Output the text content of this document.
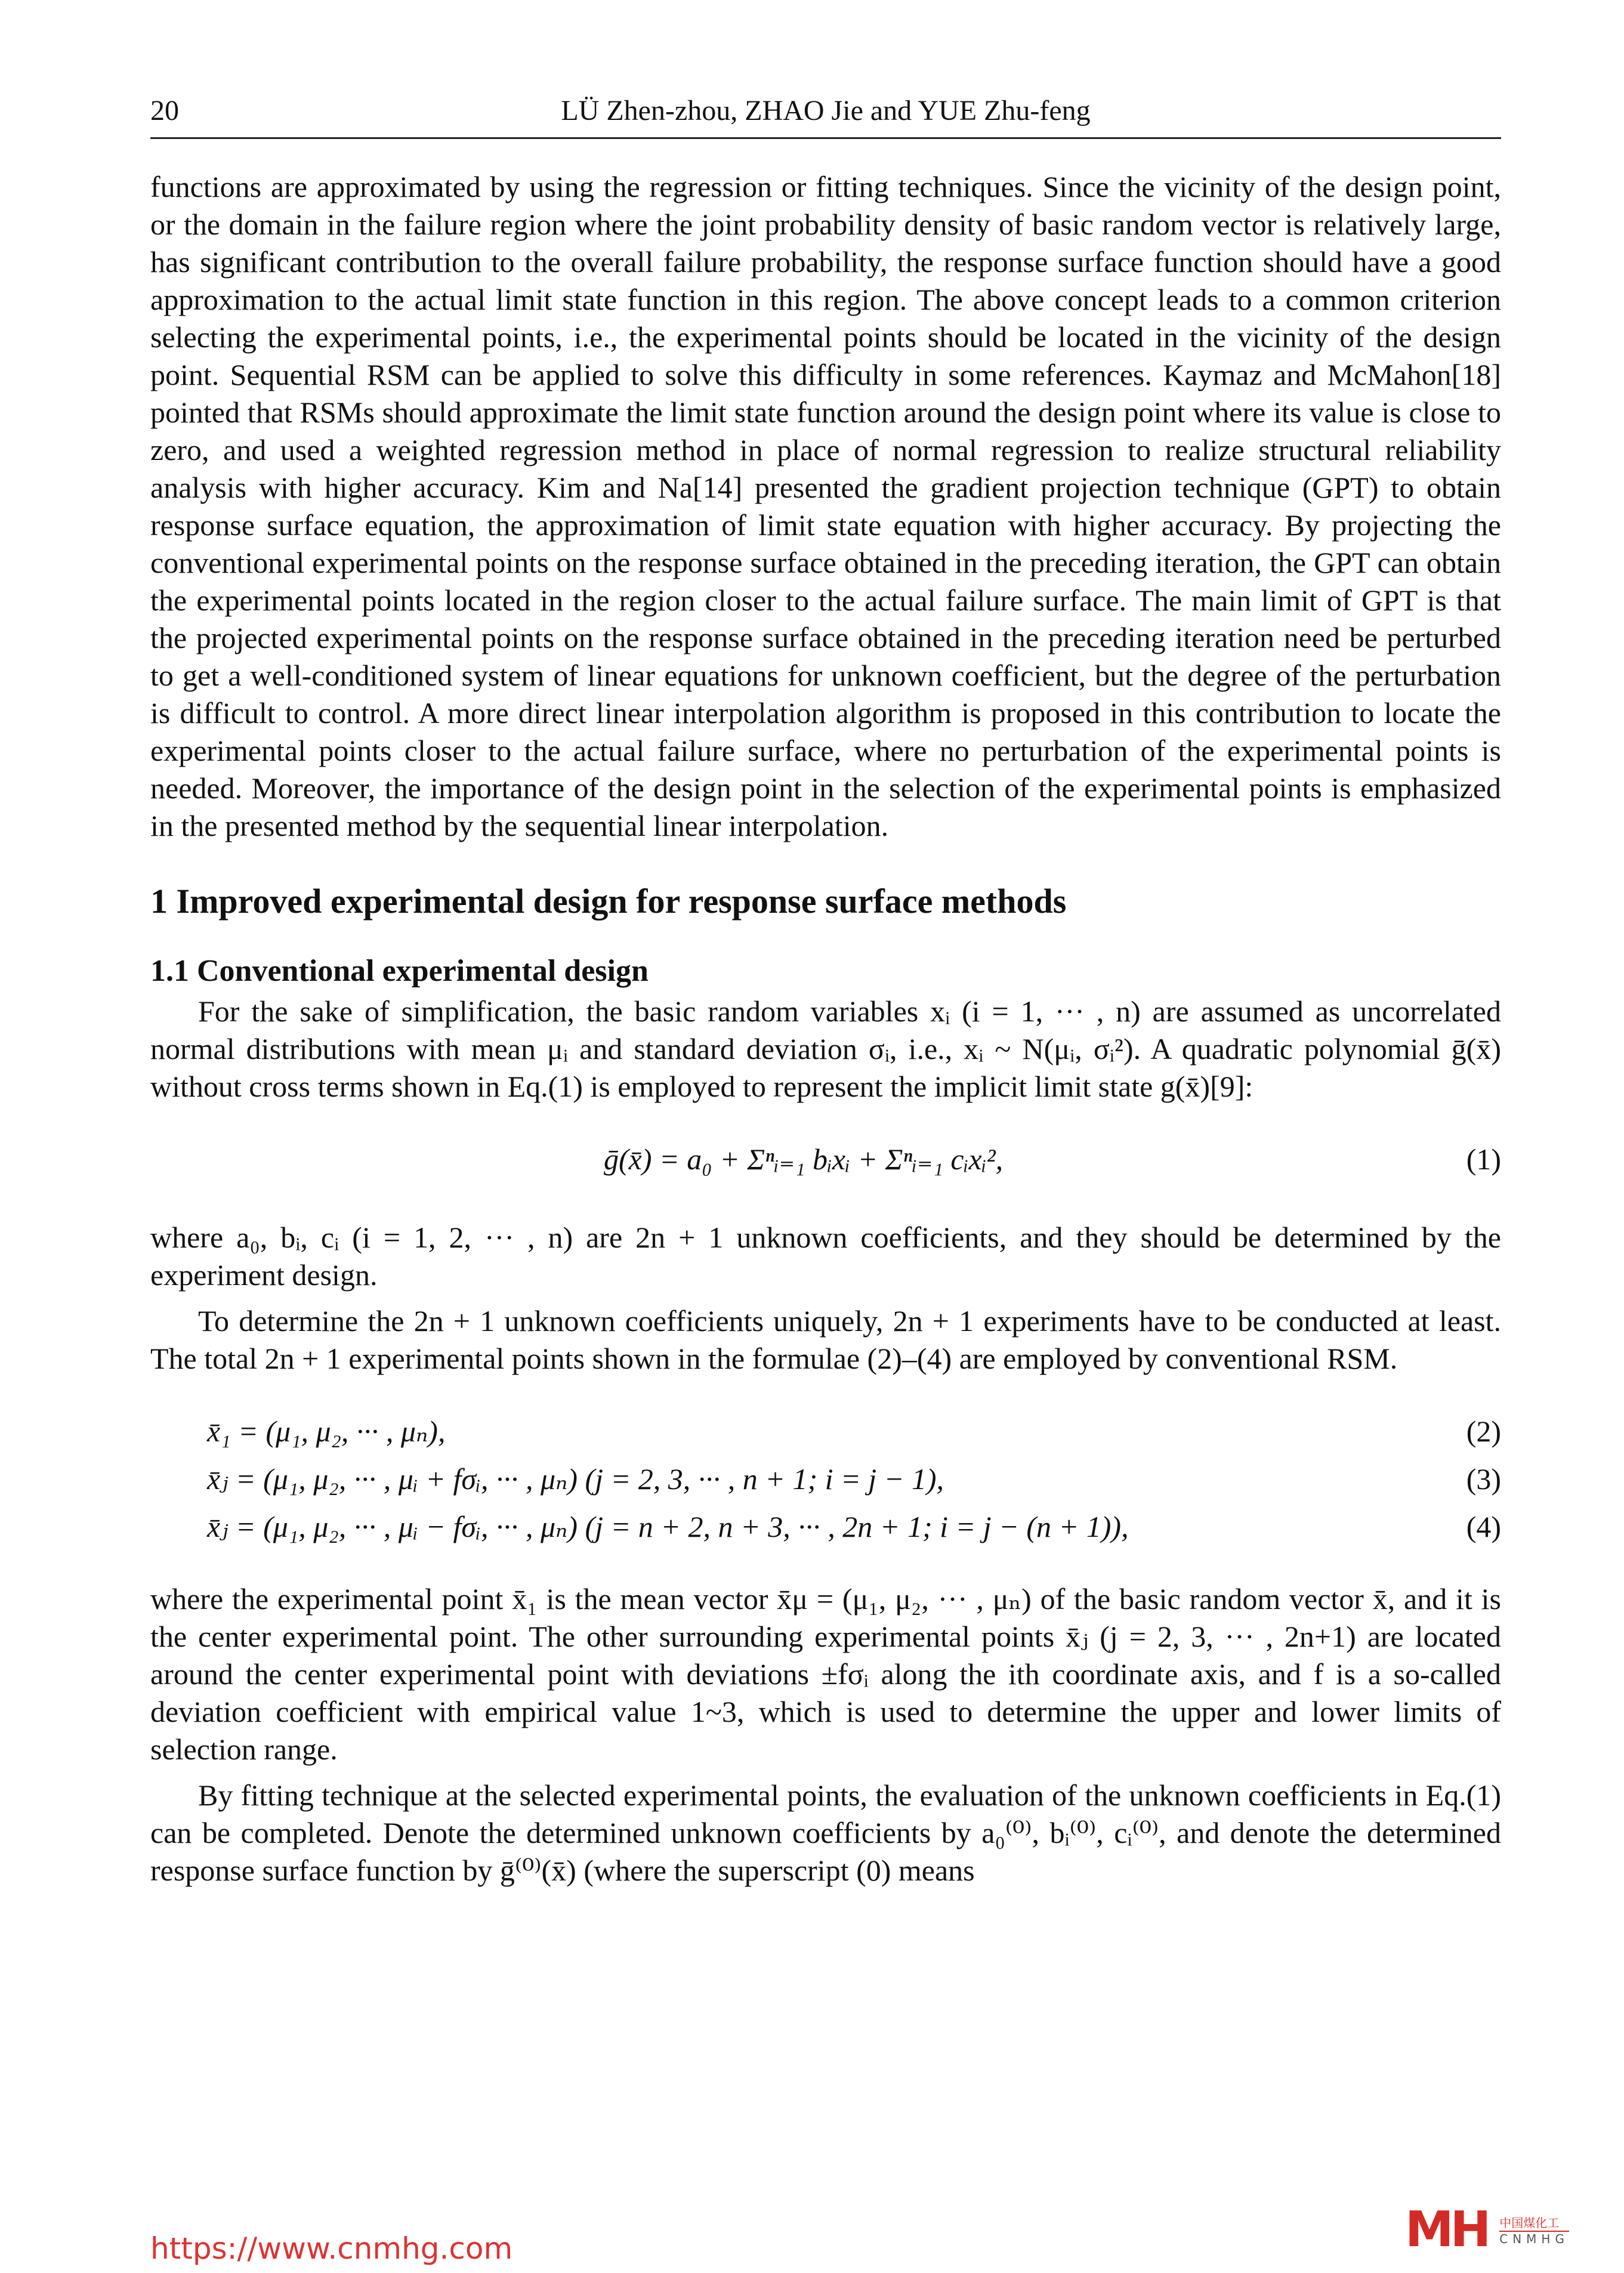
20	LÜ Zhen-zhou, ZHAO Jie and YUE Zhu-feng

functions are approximated by using the regression or fitting techniques. Since the vicinity of the design point, or the domain in the failure region where the joint probability density of basic random vector is relatively large, has significant contribution to the overall failure probability, the response surface function should have a good approximation to the actual limit state function in this region. The above concept leads to a common criterion selecting the experimental points, i.e., the experimental points should be located in the vicinity of the design point. Sequential RSM can be applied to solve this difficulty in some references. Kaymaz and McMahon[18] pointed that RSMs should approximate the limit state function around the design point where its value is close to zero, and used a weighted regression method in place of normal regression to realize structural reliability analysis with higher accuracy. Kim and Na[14] presented the gradient projection technique (GPT) to obtain response surface equation, the approximation of limit state equation with higher accuracy. By projecting the conventional experimental points on the response surface obtained in the preceding iteration, the GPT can obtain the experimental points located in the region closer to the actual failure surface. The main limit of GPT is that the projected experimental points on the response surface obtained in the preceding iteration need be perturbed to get a well-conditioned system of linear equations for unknown coefficient, but the degree of the perturbation is difficult to control. A more direct linear interpolation algorithm is proposed in this contribution to locate the experimental points closer to the actual failure surface, where no perturbation of the experimental points is needed. Moreover, the importance of the design point in the selection of the experimental points is emphasized in the presented method by the sequential linear interpolation.

1 Improved experimental design for response surface methods
1.1 Conventional experimental design

For the sake of simplification, the basic random variables xᵢ (i = 1, ··· , n) are assumed as uncorrelated normal distributions with mean μᵢ and standard deviation σᵢ, i.e., xᵢ ~ N(μᵢ, σᵢ²). A quadratic polynomial ḡ(x̄) without cross terms shown in Eq.(1) is employed to represent the implicit limit state g(x̄)[9]:

ḡ(x̄) = a₀ + Σⁿᵢ₌₁ bᵢxᵢ + Σⁿᵢ₌₁ cᵢxᵢ²,	(1)

where a₀, bᵢ, cᵢ (i = 1, 2, ··· , n) are 2n + 1 unknown coefficients, and they should be determined by the experiment design.

To determine the 2n + 1 unknown coefficients uniquely, 2n + 1 experiments have to be conducted at least. The total 2n + 1 experimental points shown in the formulae (2)–(4) are employed by conventional RSM.

x̄₁ = (μ₁, μ₂, ··· , μₙ),	(2)
x̄ⱼ = (μ₁, μ₂, ··· , μᵢ + fσᵢ, ··· , μₙ) (j = 2, 3, ··· , n + 1; i = j − 1),	(3)
x̄ⱼ = (μ₁, μ₂, ··· , μᵢ − fσᵢ, ··· , μₙ) (j = n + 2, n + 3, ··· , 2n + 1; i = j − (n + 1)),	(4)

where the experimental point x̄₁ is the mean vector x̄μ = (μ₁, μ₂, ··· , μₙ) of the basic random vector x̄, and it is the center experimental point. The other surrounding experimental points x̄ⱼ (j = 2, 3, ··· , 2n+1) are located around the center experimental point with deviations ±fσᵢ along the ith coordinate axis, and f is a so-called deviation coefficient with empirical value 1~3, which is used to determine the upper and lower limits of selection range.

By fitting technique at the selected experimental points, the evaluation of the unknown coefficients in Eq.(1) can be completed. Denote the determined unknown coefficients by a₀⁽⁰⁾, bᵢ⁽⁰⁾, cᵢ⁽⁰⁾, and denote the determined response surface function by ḡ⁽⁰⁾(x̄) (where the superscript (0) means

https://www.cnmhg.com	MH 中国煤化工
CNMHG
